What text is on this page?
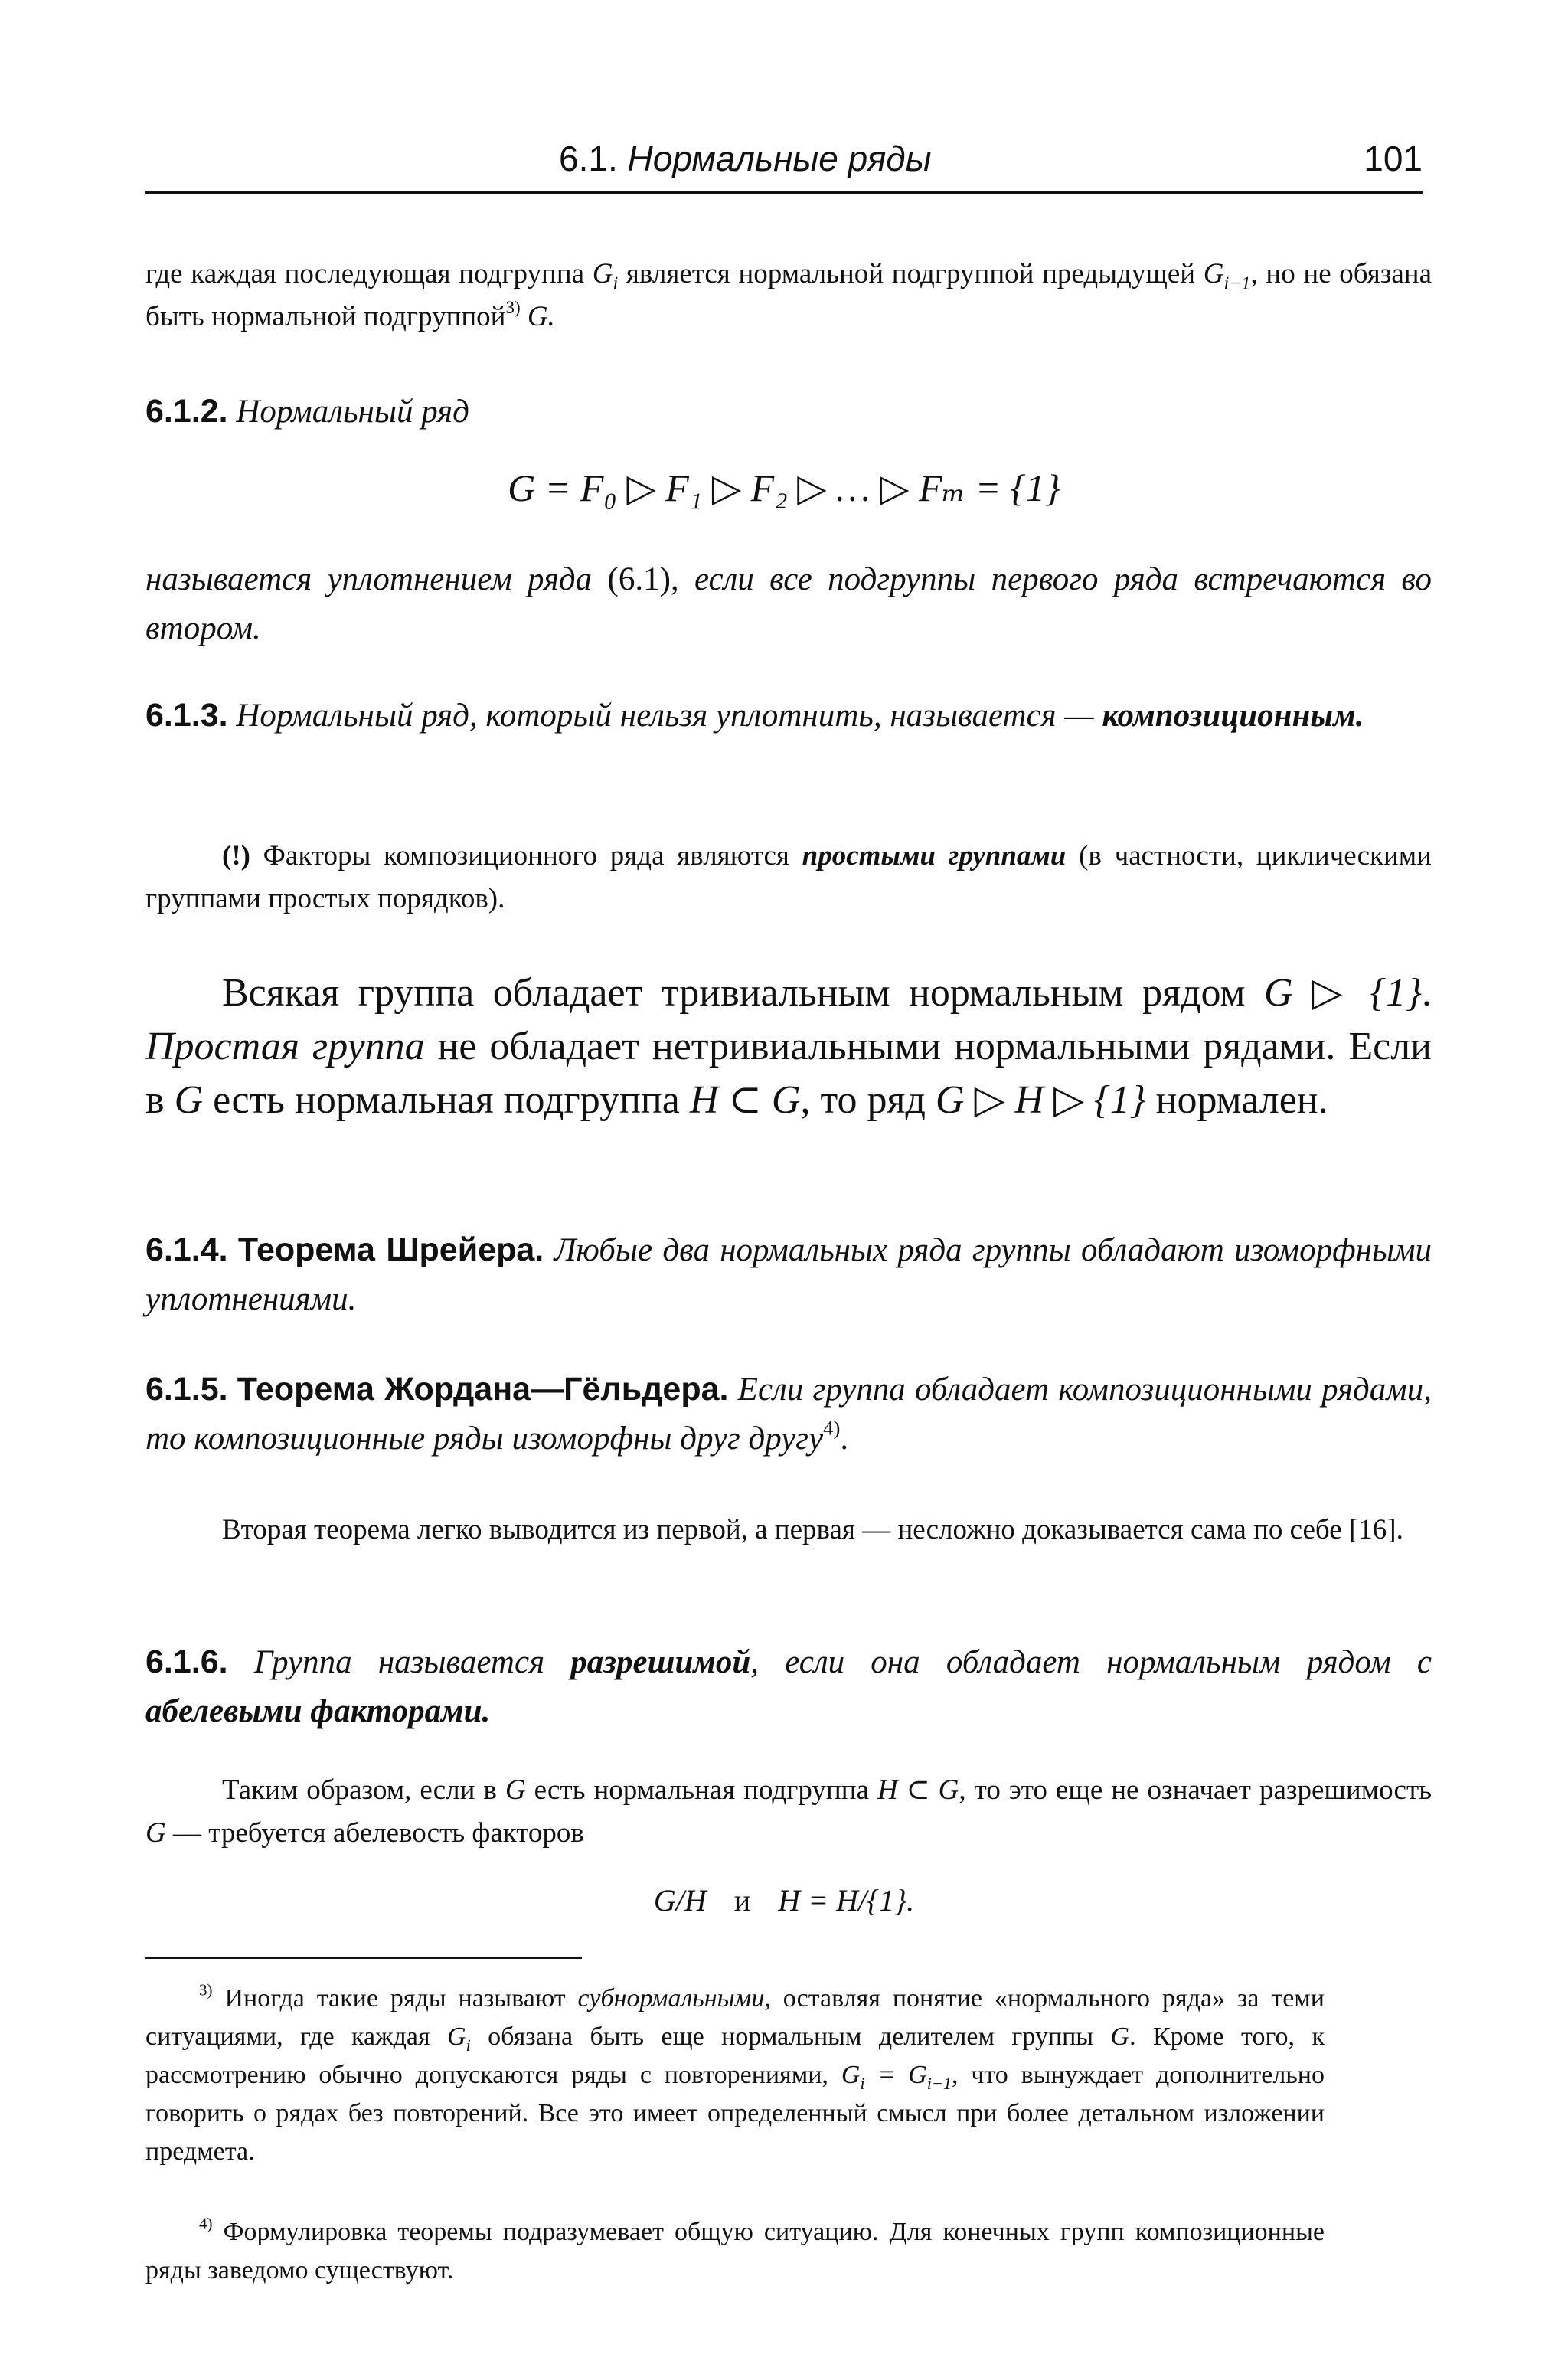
6.1. Нормальные ряды	101
где каждая последующая подгруппа $G_i$ является нормальной подгруппой предыдущей $G_{i-1}$, но не обязана быть нормальной подгруппой$^{3)}$ G.
6.1.2. Нормальный ряд
G = F₀ ▷ F₁ ▷ F₂ ▷ … ▷ Fₘ = {1}
называется уплотнением ряда (6.1), если все подгруппы первого ряда встречаются во втором.
6.1.3. Нормальный ряд, который нельзя уплотнить, называется — композиционным.
(!) Факторы композиционного ряда являются простыми группами (в частности, циклическими группами простых порядков).
Всякая группа обладает тривиальным нормальным рядом G ▷ {1}. Простая группа не обладает нетривиальными нормальными рядами. Если в G есть нормальная подгруппа H ⊂ G, то ряд G ▷ H ▷ {1} нормален.
6.1.4. Теорема Шрейера. Любые два нормальных ряда группы обладают изоморфными уплотнениями.
6.1.5. Теорема Жордана—Гёльдера. Если группа обладает композиционными рядами, то композиционные ряды изоморфны друг другу$^{4)}$.
Вторая теорема легко выводится из первой, а первая — несложно доказывается сама по себе [16].
6.1.6. Группа называется разрешимой, если она обладает нормальным рядом с абелевыми факторами.
Таким образом, если в G есть нормальная подгруппа H ⊂ G, то это еще не означает разрешимость G — требуется абелевость факторов
G/H и H = H/{1}.
$^{3)}$ Иногда такие ряды называют субнормальными, оставляя понятие «нормального ряда» за теми ситуациями, где каждая $G_i$ обязана быть еще нормальным делителем группы G. Кроме того, к рассмотрению обычно допускаются ряды с повторениями, $G_i = G_{i-1}$, что вынуждает дополнительно говорить о рядах без повторений. Все это имеет определенный смысл при более детальном изложении предмета.
$^{4)}$ Формулировка теоремы подразумевает общую ситуацию. Для конечных групп композиционные ряды заведомо существуют.
